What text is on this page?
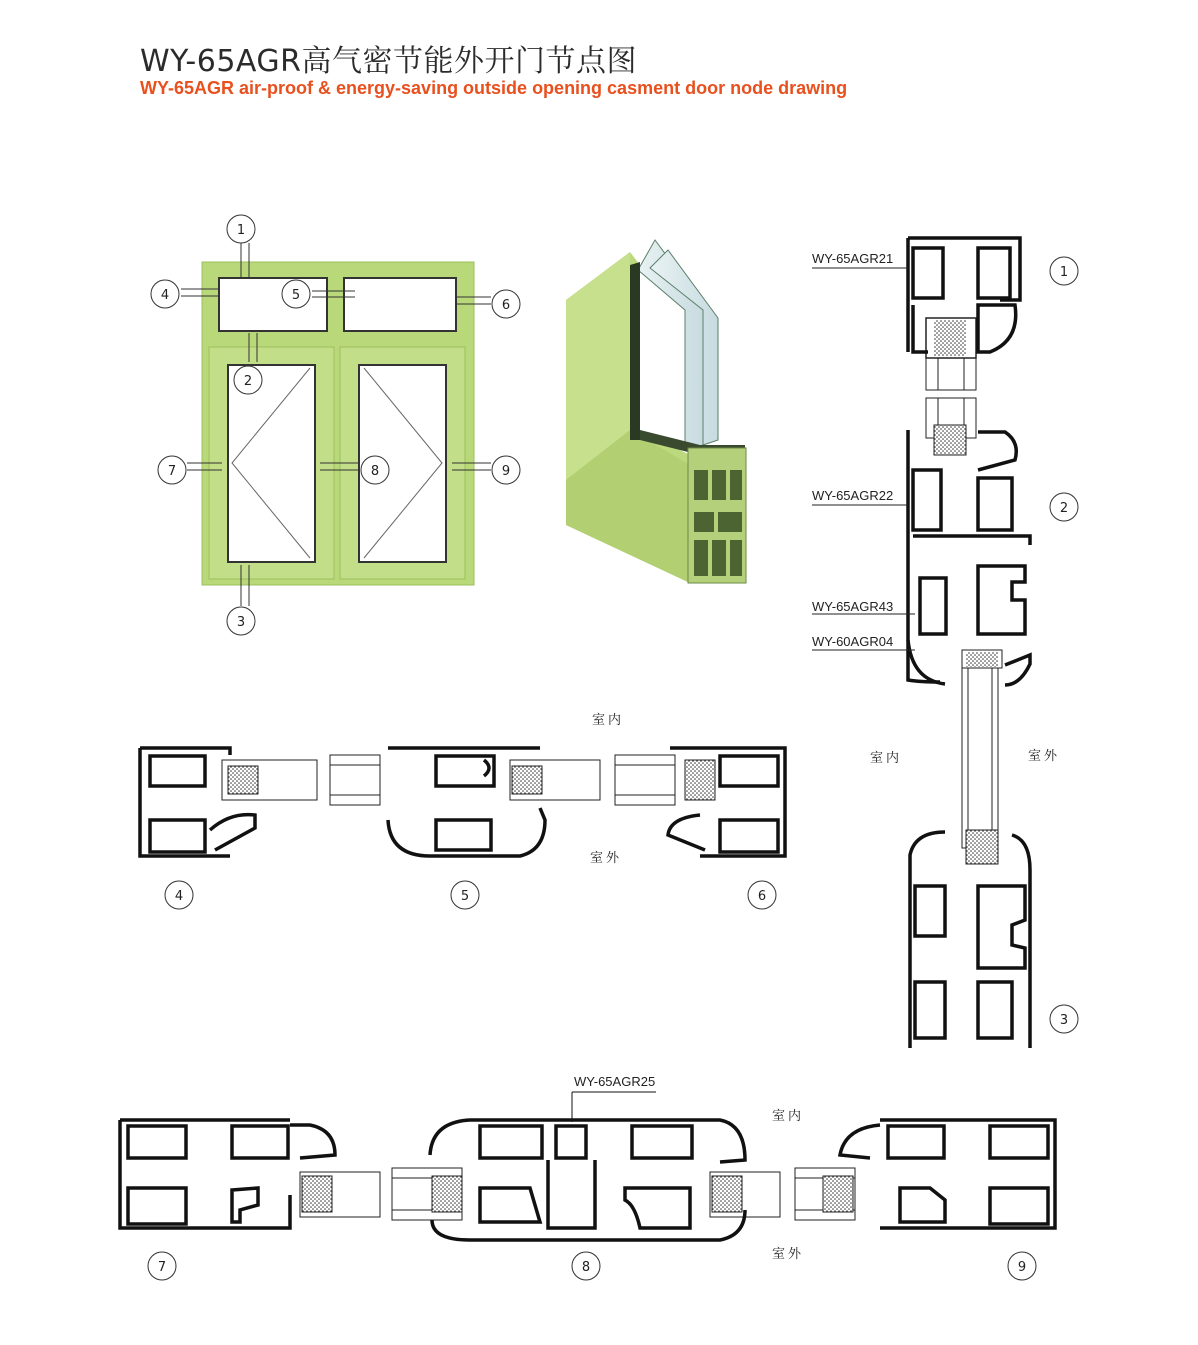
WY-65AGR高气密节能外开门节点图
WY-65AGR air-proof & energy-saving outside opening casment door node drawing
1
4	5
6
2
7	8	9
3
WY-65AGR21
WY-65AGR22
WY-65AGR43
WY-60AGR04
1
2
3
室内	室外
室内
室外
4	5	6
WY-65AGR25
室内
室外
7	8	9
